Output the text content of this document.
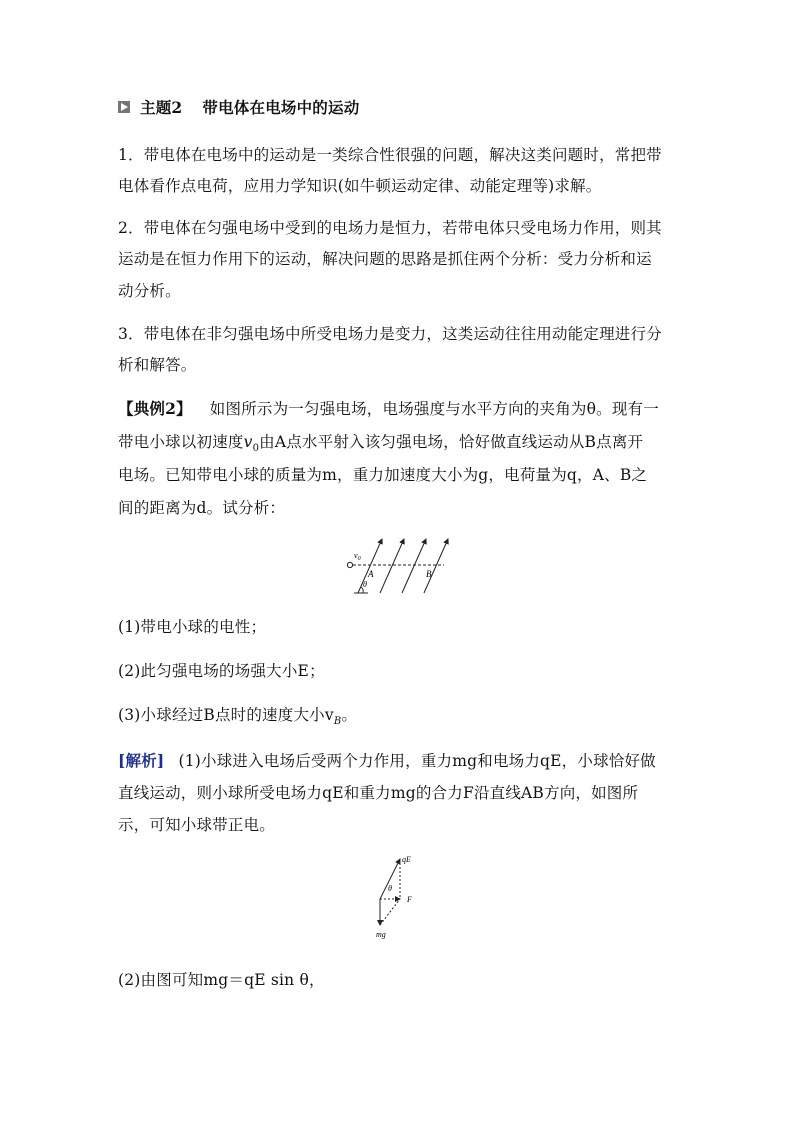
主题2 带电体在电场中的运动
1．带电体在电场中的运动是一类综合性很强的问题，解决这类问题时，常把带
电体看作点电荷，应用力学知识(如牛顿运动定律、动能定理等)求解。
2．带电体在匀强电场中受到的电场力是恒力，若带电体只受电场力作用，则其
运动是在恒力作用下的运动，解决问题的思路是抓住两个分析：受力分析和运
动分析。
3．带电体在非匀强电场中所受电场力是变力，这类运动往往用动能定理进行分
析和解答。
【典例2】 如图所示为一匀强电场，电场强度与水平方向的夹角为θ。现有一
带电小球以初速度$v_0$由A点水平射入该匀强电场，恰好做直线运动从B点离开
电场。已知带电小球的质量为m，重力加速度大小为g，电荷量为q，A、B之
间的距离为d。试分析：
$v_0$
A	B
θ
(1)带电小球的电性；
(2)此匀强电场的场强大小E；
(3)小球经过B点时的速度大小$v_B$。
[解析] (1)小球进入电场后受两个力作用，重力mg和电场力qE，小球恰好做
直线运动，则小球所受电场力qE和重力mg的合力F沿直线AB方向，如图所
示，可知小球带正电。
qE
θ
F
mg
(2)由图可知mg＝qE sin θ，
